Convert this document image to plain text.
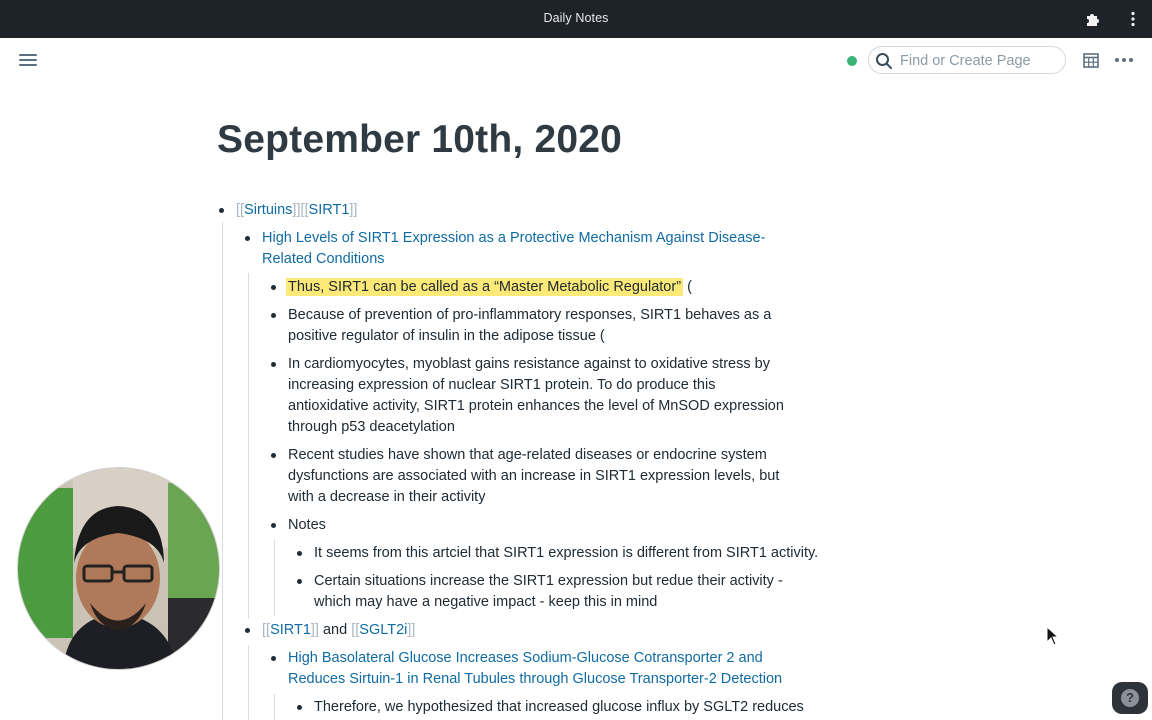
Daily Notes
Find or Create Page
September 10th, 2020
[[Sirtuins]][[SIRT1]]
High Levels of SIRT1 Expression as a Protective Mechanism Against Disease-
Related Conditions
Thus, SIRT1 can be called as a “Master Metabolic Regulator” (
Because of prevention of pro-inflammatory responses, SIRT1 behaves as a
positive regulator of insulin in the adipose tissue (
In cardiomyocytes, myoblast gains resistance against to oxidative stress by
increasing expression of nuclear SIRT1 protein. To do produce this
antioxidative activity, SIRT1 protein enhances the level of MnSOD expression
through p53 deacetylation
Recent studies have shown that age-related diseases or endocrine system
dysfunctions are associated with an increase in SIRT1 expression levels, but
with a decrease in their activity
Notes
It seems from this artciel that SIRT1 expression is different from SIRT1 activity.
Certain situations increase the SIRT1 expression but redue their activity -
which may have a negative impact - keep this in mind
[[SIRT1]] and [[SGLT2i]]
High Basolateral Glucose Increases Sodium-Glucose Cotransporter 2 and
Reduces Sirtuin-1 in Renal Tubules through Glucose Transporter-2 Detection
Therefore, we hypothesized that increased glucose influx by SGLT2 reduces
?
